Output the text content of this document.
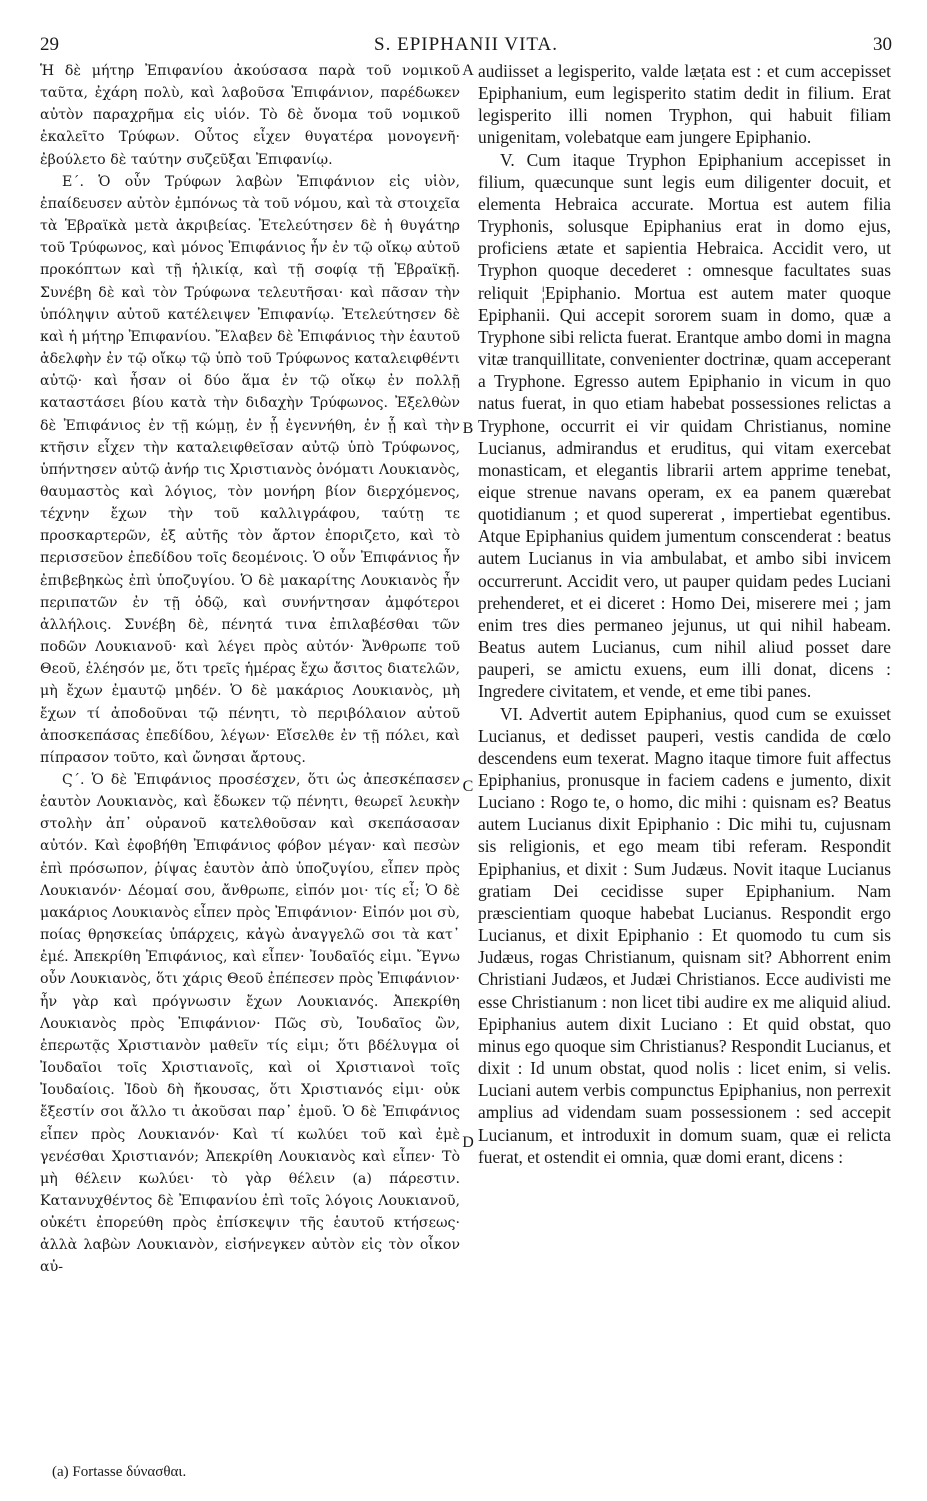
29	S. EPIPHANII VITA.	30

Ἡ δὲ μήτηρ Ἐπιφανίου ἀκούσασα παρὰ τοῦ νομικοῦ ταῦτα, ἐχάρη πολὺ, καὶ λαβοῦσα Ἐπιφάνιον, παρέδωκεν αὐτὸν παραχρῆμα εἰς υἱόν. Τὸ δὲ ὄνομα τοῦ νομικοῦ ἐκαλεῖτο Τρύφων. Οὗτος εἶχεν θυγατέρα μονογενῆ· ἐβούλετο δὲ ταύτην συζεῦξαι Ἐπιφανίῳ.

Ε΄. Ὁ οὖν Τρύφων λαβὼν Ἐπιφάνιον εἰς υἱὸν, ἐπαίδευσεν αὐτὸν ἐμπόνως τὰ τοῦ νόμου, καὶ τὰ στοιχεῖα τὰ Ἑβραϊκὰ μετὰ ἀκριβείας. Ἐτελεύτησεν δὲ ἡ θυγάτηρ τοῦ Τρύφωνος, καὶ μόνος Ἐπιφάνιος ἦν ἐν τῷ οἴκῳ αὐτοῦ προκόπτων καὶ τῇ ἡλικίᾳ, καὶ τῇ σοφίᾳ τῇ Ἑβραϊκῇ. Συνέβη δὲ καὶ τὸν Τρύφωνα τελευτῆσαι· καὶ πᾶσαν τὴν ὑπόληψιν αὐτοῦ κατέλειψεν Ἐπιφανίῳ. Ἐτελεύτησεν δὲ καὶ ἡ μήτηρ Ἐπιφανίου. Ἔλαβεν δὲ Ἐπιφάνιος τὴν ἑαυτοῦ ἀδελφὴν ἐν τῷ οἴκῳ τῷ ὑπὸ τοῦ Τρύφωνος καταλειφθέντι αὐτῷ· καὶ ἦσαν οἱ δύο ἅμα ἐν τῷ οἴκῳ ἐν πολλῇ καταστάσει βίου κατὰ τὴν διδαχὴν Τρύφωνος. Ἐξελθὼν δὲ Ἐπιφάνιος ἐν τῇ κώμῃ, ἐν ᾗ ἐγεννήθη, ἐν ᾗ καὶ τὴν κτῆσιν εἶχεν τὴν καταλειφθεῖσαν αὐτῷ ὑπὸ Τρύφωνος, ὑπήντησεν αὐτῷ ἀνήρ τις Χριστιανὸς ὀνόματι Λουκιανὸς, θαυμαστὸς καὶ λόγιος, τὸν μονήρη βίον διερχόμενος, τέχνην ἔχων τὴν τοῦ καλλιγράφου, ταύτῃ τε προσκαρτερῶν, ἐξ αὐτῆς τὸν ἄρτον ἐποριζετο, καὶ τὸ περισσεῦον ἐπεδίδου τοῖς δεομένοις. Ὁ οὖν Ἐπιφάνιος ἦν ἐπιβεβηκὼς ἐπὶ ὑποζυγίου. Ὁ δὲ μακαρίτης Λουκιανὸς ἦν περιπατῶν ἐν τῇ ὁδῷ, καὶ συνήντησαν ἀμφότεροι ἀλλήλοις. Συνέβη δὲ, πένητά τινα ἐπιλαβέσθαι τῶν ποδῶν Λουκιανοῦ· καὶ λέγει πρὸς αὐτόν· Ἄνθρωπε τοῦ Θεοῦ, ἐλέησόν με, ὅτι τρεῖς ἡμέρας ἔχω ἄσιτος διατελῶν, μὴ ἔχων ἐμαυτῷ μηδέν. Ὁ δὲ μακάριος Λουκιανὸς, μὴ ἔχων τί ἀποδοῦναι τῷ πένητι, τὸ περιβόλαιον αὐτοῦ ἀποσκεπάσας ἐπεδίδου, λέγων· Εἴσελθε ἐν τῇ πόλει, καὶ πίπρασον τοῦτο, καὶ ὤνησαι ἄρτους.

Ϛ΄. Ὁ δὲ Ἐπιφάνιος προσέσχεν, ὅτι ὡς ἀπεσκέπασεν ἑαυτὸν Λουκιανὸς, καὶ ἔδωκεν τῷ πένητι, θεωρεῖ λευκὴν στολὴν ἀπ᾿ οὐρανοῦ κατελθοῦσαν καὶ σκεπάσασαν αὐτόν. Καὶ ἐφοβήθη Ἐπιφάνιος φόβον μέγαν· καὶ πεσὼν ἐπὶ πρόσωπον, ῥίψας ἑαυτὸν ἀπὸ ὑποζυγίου, εἶπεν πρὸς Λουκιανόν· Δέομαί σου, ἄνθρωπε, εἰπόν μοι· τίς εἶ; Ὁ δὲ μακάριος Λουκιανὸς εἶπεν πρὸς Ἐπιφάνιον· Εἰπόν μοι σὺ, ποίας θρησκείας ὑπάρχεις, κἀγὼ ἀναγγελῶ σοι τὰ κατ᾿ ἐμέ. Ἀπεκρίθη Ἐπιφάνιος, καὶ εἶπεν· Ἰουδαῖός εἰμι. Ἔγνω οὖν Λουκιανὸς, ὅτι χάρις Θεοῦ ἐπέπεσεν πρὸς Ἐπιφάνιον· ἦν γὰρ καὶ πρόγνωσιν ἔχων Λουκιανός. Ἀπεκρίθη Λουκιανὸς πρὸς Ἐπιφάνιον· Πῶς σὺ, Ἰουδαῖος ὢν, ἐπερωτᾷς Χριστιανὸν μαθεῖν τίς εἰμι; ὅτι βδέλυγμα οἱ Ἰουδαῖοι τοῖς Χριστιανοῖς, καὶ οἱ Χριστιανοὶ τοῖς Ἰουδαίοις. Ἰδοὺ δὴ ἤκουσας, ὅτι Χριστιανός εἰμι· οὐκ ἔξεστίν σοι ἄλλο τι ἀκοῦσαι παρ᾿ ἐμοῦ. Ὁ δὲ Ἐπιφάνιος εἶπεν πρὸς Λουκιανόν· Καὶ τί κωλύει τοῦ καὶ ἐμὲ γενέσθαι Χριστιανόν; Ἀπεκρίθη Λουκιανὸς καὶ εἶπεν· Τὸ μὴ θέλειν κωλύει· τὸ γὰρ θέλειν (a) πάρεστιν. Κατανυχθέντος δὲ Ἐπιφανίου ἐπὶ τοῖς λόγοις Λουκιανοῦ, οὐκέτι ἐπορεύθη πρὸς ἐπίσκεψιν τῆς ἑαυτοῦ κτήσεως· ἀλλὰ λαβὼν Λουκιανὸν, εἰσήνεγκεν αὐτὸν εἰς τὸν οἶκον αὐ-

A
B
C
D

audiisset a legisperito, valde læṭata est : et cum accepisset Epiphanium, eum legisperito statim dedit in filium. Erat legisperito illi nomen Tryphon, qui habuit filiam unigenitam, volebatque eam jungere Epiphanio.

V. Cum itaque Tryphon Epiphanium accepisset in filium, quæcunque sunt legis eum diligenter docuit, et elementa Hebraica accurate. Mortua est autem filia Tryphonis, solusque Epiphanius erat in domo ejus, proficiens ætate et sapientia Hebraica. Accidit vero, ut Tryphon quoque decederet : omnesque facultates suas reliquit ¦Epiphanio. Mortua est autem mater quoque Epiphanii. Qui accepit sororem suam in domo, quæ a Tryphone sibi relicta fuerat. Erantque ambo domi in magna vitæ tranquillitate, convenienter doctrinæ, quam acceperant a Tryphone. Egresso autem Epiphanio in vicum in quo natus fuerat, in quo etiam habebat possessiones relictas a Tryphone, occurrit ei vir quidam Christianus, nomine Lucianus, admirandus et eruditus, qui vitam exercebat monasticam, et elegantis librarii artem apprime tenebat, eique strenue navans operam, ex ea panem quærebat quotidianum ; et quod supererat , impertiebat egentibus. Atque Epiphanius quidem jumentum conscenderat : beatus autem Lucianus in via ambulabat, et ambo sibi invicem occurrerunt. Accidit vero, ut pauper quidam pedes Luciani prehenderet, et ei diceret : Homo Dei, miserere mei ; jam enim tres dies permaneo jejunus, ut qui nihil habeam. Beatus autem Lucianus, cum nihil aliud posset dare pauperi, se amictu exuens, eum illi donat, dicens : Ingredere civitatem, et vende, et eme tibi panes.

VI. Advertit autem Epiphanius, quod cum se exuisset Lucianus, et dedisset pauperi, vestis candida de cœlo descendens eum texerat. Magno itaque timore fuit affectus Epiphanius, pronusque in faciem cadens e jumento, dixit Luciano : Rogo te, o homo, dic mihi : quisnam es? Beatus autem Lucianus dixit Epiphanio : Dic mihi tu, cujusnam sis religionis, et ego meam tibi referam. Respondit Epiphanius, et dixit : Sum Judæus. Novit itaque Lucianus gratiam Dei cecidisse super Epiphanium. Nam præscientiam quoque habebat Lucianus. Respondit ergo Lucianus, et dixit Epiphanio : Et quomodo tu cum sis Judæus, rogas Christianum, quisnam sit? Abhorrent enim Christiani Judæos, et Judæi Christianos. Ecce audivisti me esse Christianum : non licet tibi audire ex me aliquid aliud. Epiphanius autem dixit Luciano : Et quid obstat, quo minus ego quoque sim Christianus? Respondit Lucianus, et dixit : Id unum obstat, quod nolis : licet enim, si velis. Luciani autem verbis compunctus Epiphanius, non perrexit amplius ad videndam suam possessionem : sed accepit Lucianum, et introduxit in domum suam, quæ ei relicta fuerat, et ostendit ei omnia, quæ domi erant, dicens :

(a) Fortasse δύνασθαι.
